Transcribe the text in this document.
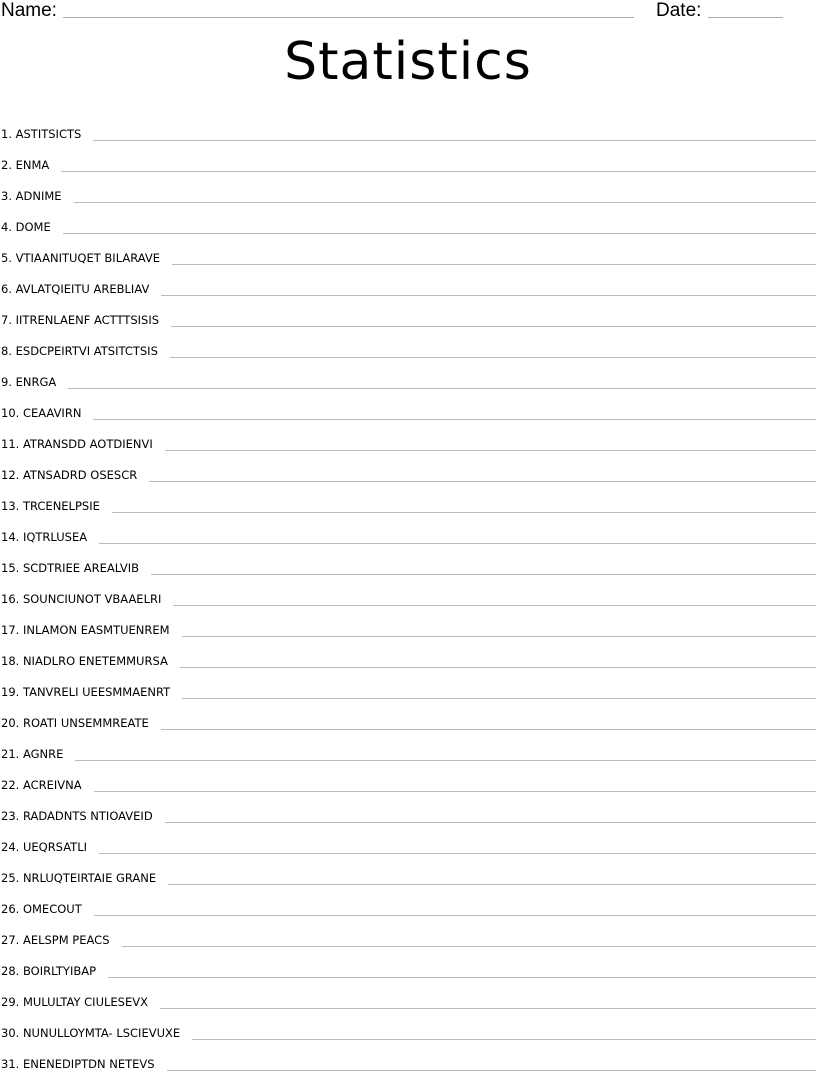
Name:	Date:
Statistics
1 . ASTITSICTS
2 . ENMA
3 . ADNIME
4 . DOME
5 . VTIAANITUQET BILARAVE
6 . AVLATQIEITU AREBLIAV
7 . IITRENLAENF ACTTTSISIS
8 . ESDCPEIRTVI ATSITCTSIS
9 . ENRGA
10 . CEAAVIRN
11 . ATRANSDD AOTDIENVI
12 . ATNSADRD OSESCR
13 . TRCENELPSIE
14 . IQTRLUSEA
15 . SCDTRIEE AREALVIB
16 . SOUNCIUNOT VBAAELRI
17 . INLAMON EASMTUENREM
18 . NIADLRO ENETEMMURSA
19 . TANVRELI UEESMMAENRT
20 . ROATI UNSEMMREATE
21 . AGNRE
22 . ACREIVNA
23 . RADADNTS NTIOAVEID
24 . UEQRSATLI
25 . NRLUQTEIRTAIE GRANE
26 . OMECOUT
27 . AELSPM PEACS
28 . BOIRLTYIBAP
29 . MULULTAY CIULESEVX
30 . NUNULLOYMTA- LSCIEVUXE
31 . ENENEDIPTDN NETEVS
